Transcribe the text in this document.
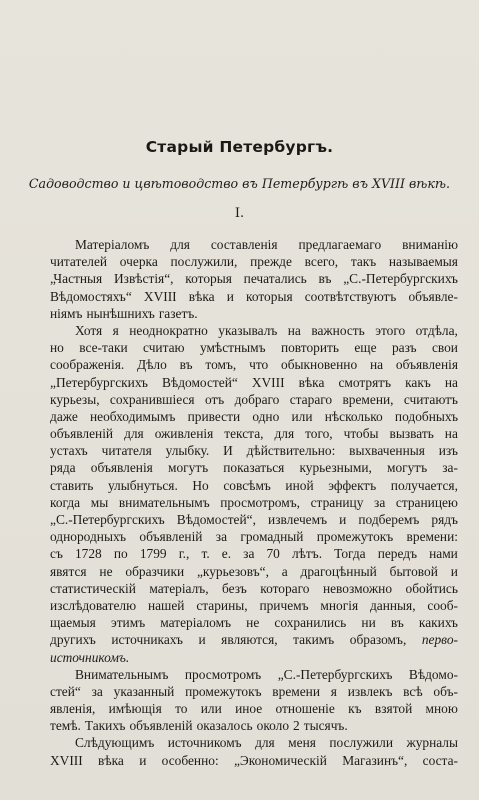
Старый Петербургъ.
Садоводство и цвѣтоводство въ Петербургѣ въ XVIII вѣкѣ.
I.
Матеріаломъ для составленія предлагаемаго вниманію
читателей очерка послужили, прежде всего, такъ называемыя
„Частныя Извѣстія“, которыя печатались въ „С.-Петербургскихъ
Вѣдомостяхъ“ XVIII вѣка и которыя соотвѣтствуютъ объявле-
ніямъ нынѣшнихъ газетъ.
Хотя я неоднократно указывалъ на важность этого отдѣла,
но все-таки считаю умѣстнымъ повторить еще разъ свои
соображенія. Дѣло въ томъ, что обыкновенно на объявленія
„Петербургскихъ Вѣдомостей“ XVIII вѣка смотрятъ какъ на
курьезы, сохранившіеся отъ добраго стараго времени, считаютъ
даже необходимымъ привести одно или нѣсколько подобныхъ
объявленій для оживленія текста, для того, чтобы вызвать на
устахъ читателя улыбку. И дѣйствительно: выхваченныя изъ
ряда объявленія могутъ показаться курьезными, могутъ за-
ставить улыбнуться. Но совсѣмъ иной эффектъ получается,
когда мы внимательнымъ просмотромъ, страницу за страницею
„С.-Петербургскихъ Вѣдомостей“, извлечемъ и подберемъ рядъ
однородныхъ объявленій за громадный промежутокъ времени:
съ 1728 по 1799 г., т. е. за 70 лѣтъ. Тогда передъ нами
явятся не образчики „курьезовъ“, а драгоцѣнный бытовой и
статистическій матеріалъ, безъ котораго невозможно обойтись
изслѣдователю нашей старины, причемъ многія данныя, сооб-
щаемыя этимъ матеріаломъ не сохранились ни въ какихъ
другихъ источникахъ и являются, такимъ образомъ, перво-
источникомъ.
Внимательнымъ просмотромъ „С.-Петербургскихъ Вѣдомо-
стей“ за указанный промежутокъ времени я извлекъ всѣ объ-
явленія, имѣющія то или иное отношеніе къ взятой мною
темѣ. Такихъ объявленій оказалось около 2 тысячъ.
Слѣдующимъ источникомъ для меня послужили журналы
XVIII вѣка и особенно: „Экономическій Магазинъ“, соста-
